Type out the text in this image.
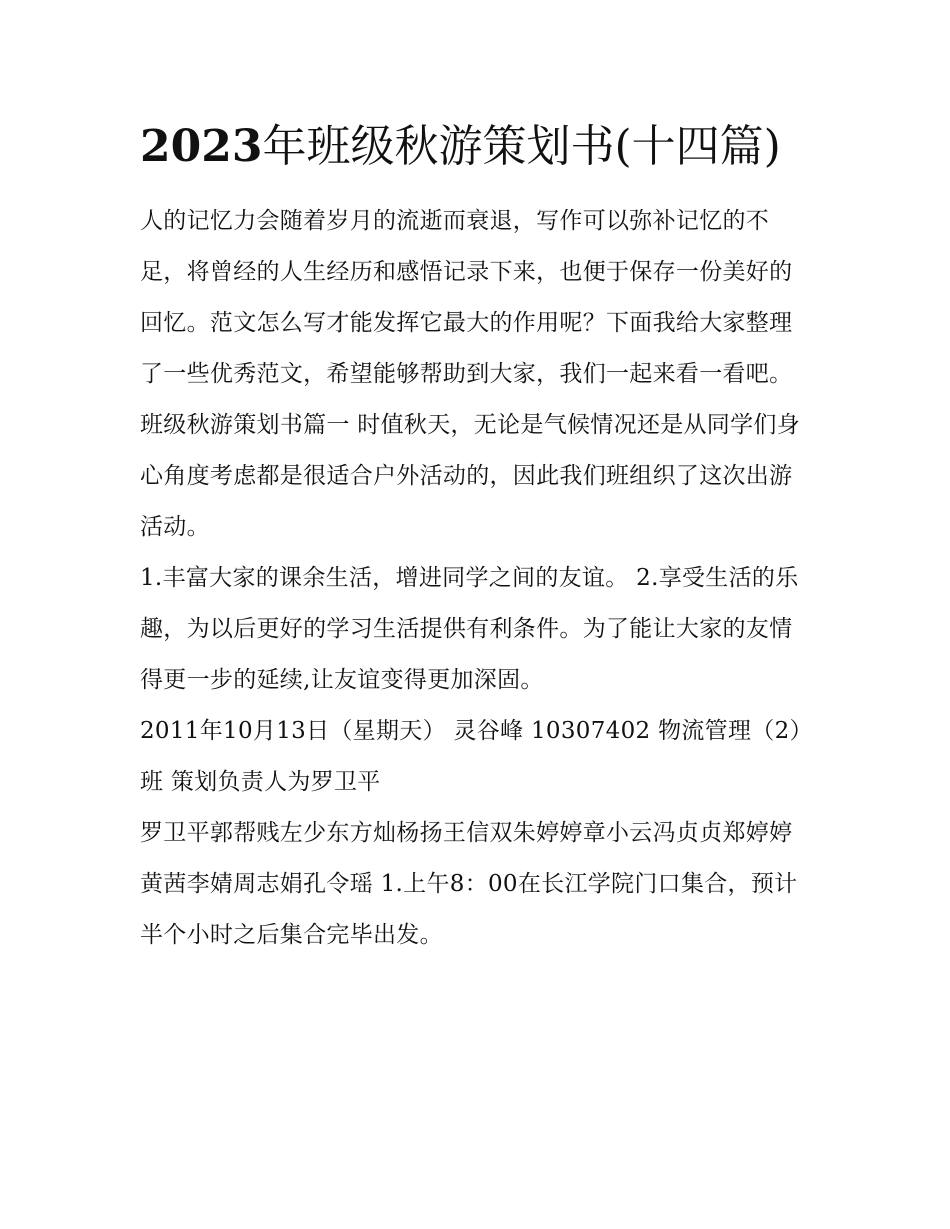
2023年班级秋游策划书(十四篇)

人的记忆力会随着岁月的流逝而衰退，写作可以弥补记忆的不足，将曾经的人生经历和感悟记录下来，也便于保存一份美好的回忆。范文怎么写才能发挥它最大的作用呢？下面我给大家整理了一些优秀范文，希望能够帮助到大家，我们一起来看一看吧。

班级秋游策划书篇一 时值秋天，无论是气候情况还是从同学们身心角度考虑都是很适合户外活动的，因此我们班组织了这次出游活动。

1.丰富大家的课余生活，增进同学之间的友谊。 2.享受生活的乐趣，为以后更好的学习生活提供有利条件。为了能让大家的友情得更一步的延续,让友谊变得更加深固。

2011年10月13日（星期天） 灵谷峰 10307402 物流管理（2）班 策划负责人为罗卫平

罗卫平郭帮贱左少东方灿杨扬王信双朱婷婷章小云冯贞贞郑婷婷黄茜李婧周志娟孔令瑶 1.上午8：00在长江学院门口集合，预计半个小时之后集合完毕出发。
